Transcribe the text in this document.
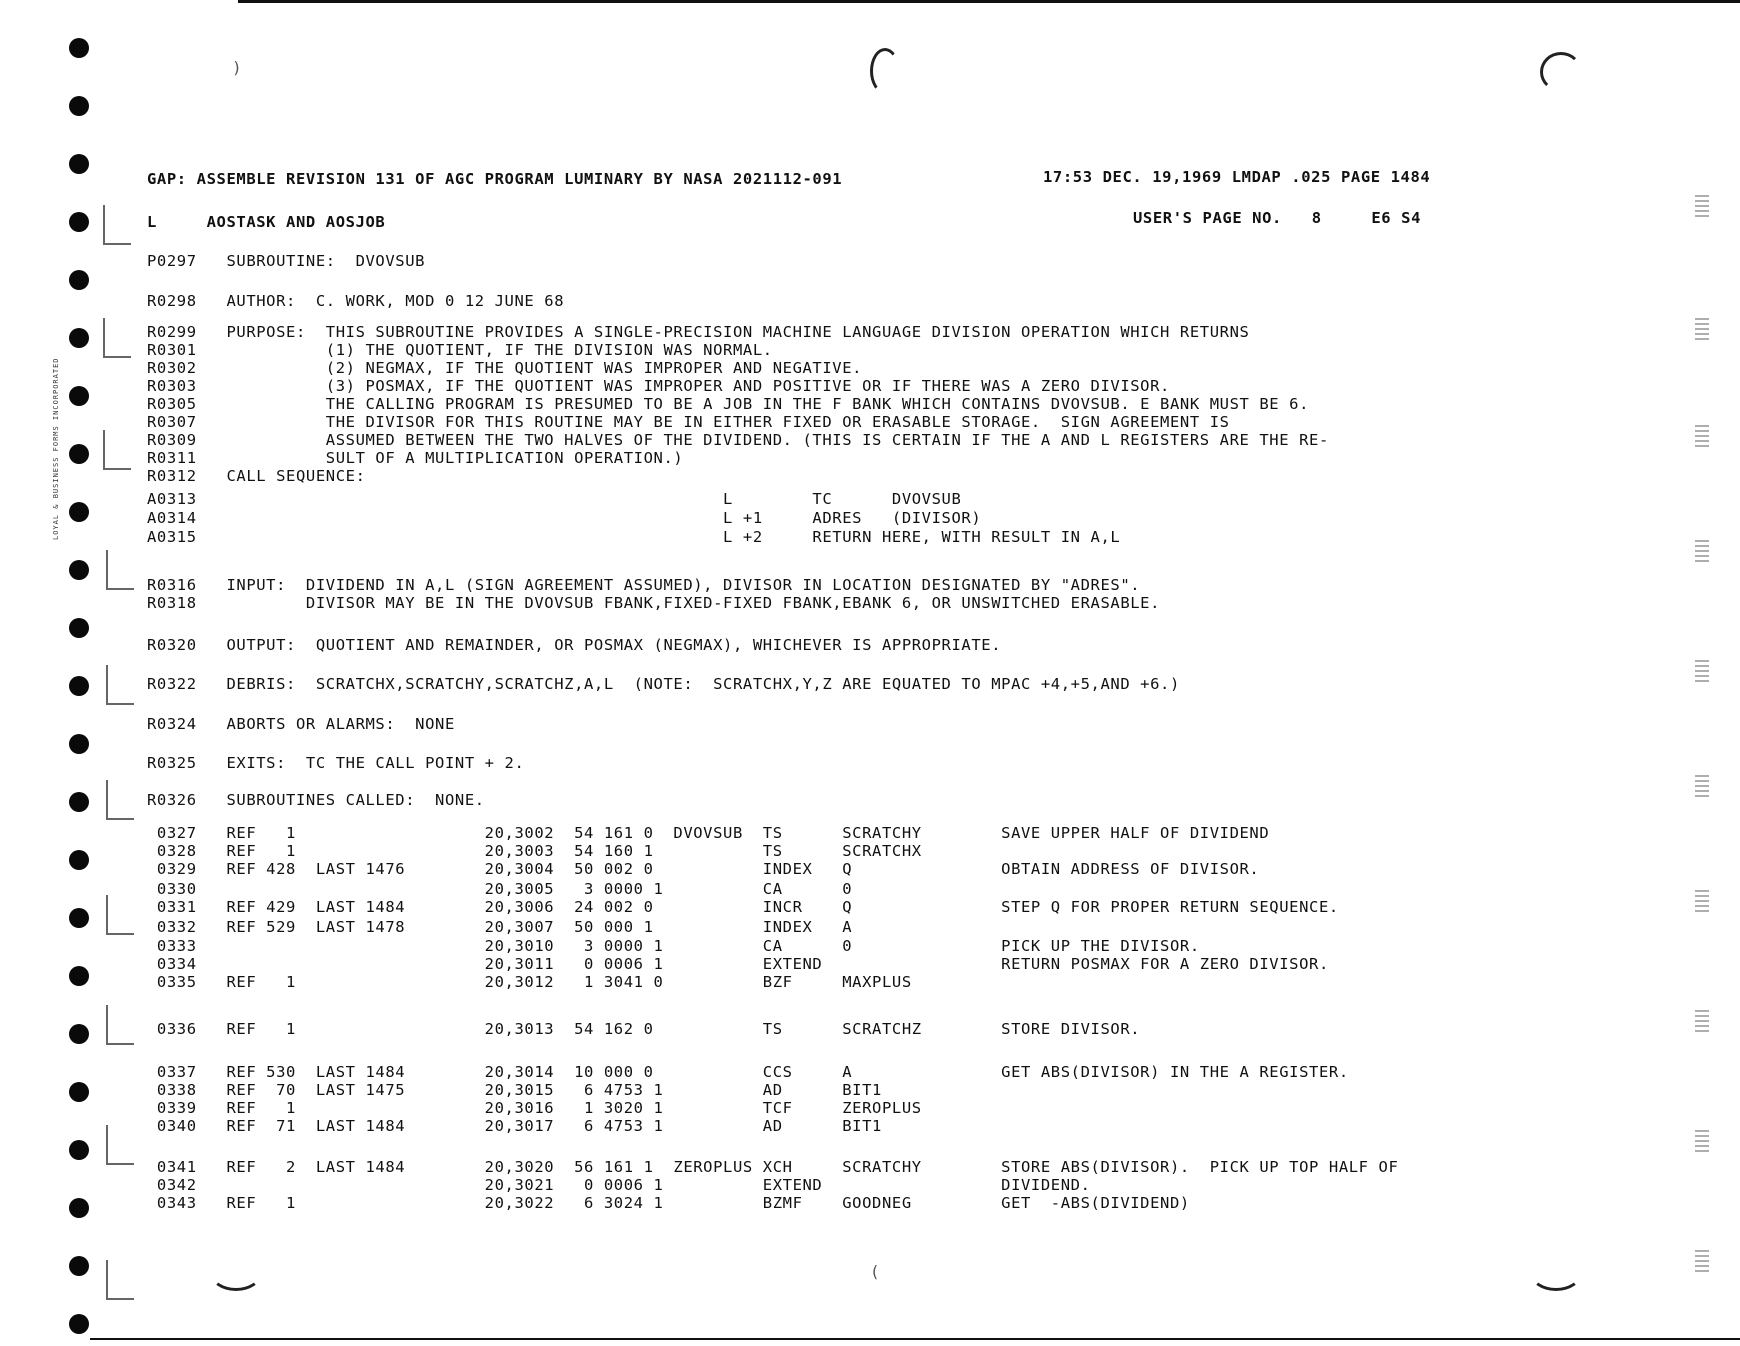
)
(
LOYAL & BUSINESS FORMS INCORPORATED
GAP: ASSEMBLE REVISION 131 OF AGC PROGRAM LUMINARY BY NASA 2021112-091	17:53 DEC. 19,1969 LMDAP .025 PAGE 1484
L     AOSTASK AND AOSJOB	USER'S PAGE NO.   8     E6 S4
P0297   SUBROUTINE:  DVOVSUB
R0298   AUTHOR:  C. WORK, MOD 0 12 JUNE 68
R0299   PURPOSE:  THIS SUBROUTINE PROVIDES A SINGLE-PRECISION MACHINE LANGUAGE DIVISION OPERATION WHICH RETURNS
R0301             (1) THE QUOTIENT, IF THE DIVISION WAS NORMAL.
R0302             (2) NEGMAX, IF THE QUOTIENT WAS IMPROPER AND NEGATIVE.
R0303             (3) POSMAX, IF THE QUOTIENT WAS IMPROPER AND POSITIVE OR IF THERE WAS A ZERO DIVISOR.
R0305             THE CALLING PROGRAM IS PRESUMED TO BE A JOB IN THE F BANK WHICH CONTAINS DVOVSUB. E BANK MUST BE 6.
R0307             THE DIVISOR FOR THIS ROUTINE MAY BE IN EITHER FIXED OR ERASABLE STORAGE.  SIGN AGREEMENT IS
R0309             ASSUMED BETWEEN THE TWO HALVES OF THE DIVIDEND. (THIS IS CERTAIN IF THE A AND L REGISTERS ARE THE RE-
R0311             SULT OF A MULTIPLICATION OPERATION.)
R0312   CALL SEQUENCE:
A0313                                                     L        TC      DVOVSUB
A0314                                                     L +1     ADRES   (DIVISOR)
A0315                                                     L +2     RETURN HERE, WITH RESULT IN A,L
R0316   INPUT:  DIVIDEND IN A,L (SIGN AGREEMENT ASSUMED), DIVISOR IN LOCATION DESIGNATED BY "ADRES".
R0318           DIVISOR MAY BE IN THE DVOVSUB FBANK,FIXED-FIXED FBANK,EBANK 6, OR UNSWITCHED ERASABLE.
R0320   OUTPUT:  QUOTIENT AND REMAINDER, OR POSMAX (NEGMAX), WHICHEVER IS APPROPRIATE.
R0322   DEBRIS:  SCRATCHX,SCRATCHY,SCRATCHZ,A,L  (NOTE:  SCRATCHX,Y,Z ARE EQUATED TO MPAC +4,+5,AND +6.)
R0324   ABORTS OR ALARMS:  NONE
R0325   EXITS:  TC THE CALL POINT + 2.
R0326   SUBROUTINES CALLED:  NONE.
0327   REF   1                   20,3002  54 161 0  DVOVSUB  TS      SCRATCHY        SAVE UPPER HALF OF DIVIDEND
0328   REF   1                   20,3003  54 160 1           TS      SCRATCHX
0329   REF 428  LAST 1476        20,3004  50 002 0           INDEX   Q               OBTAIN ADDRESS OF DIVISOR.
0330                             20,3005   3 0000 1          CA      0
0331   REF 429  LAST 1484        20,3006  24 002 0           INCR    Q               STEP Q FOR PROPER RETURN SEQUENCE.
0332   REF 529  LAST 1478        20,3007  50 000 1           INDEX   A
0333                             20,3010   3 0000 1          CA      0               PICK UP THE DIVISOR.
0334                             20,3011   0 0006 1          EXTEND                  RETURN POSMAX FOR A ZERO DIVISOR.
0335   REF   1                   20,3012   1 3041 0          BZF     MAXPLUS
0336   REF   1                   20,3013  54 162 0           TS      SCRATCHZ        STORE DIVISOR.
0337   REF 530  LAST 1484        20,3014  10 000 0           CCS     A               GET ABS(DIVISOR) IN THE A REGISTER.
0338   REF  70  LAST 1475        20,3015   6 4753 1          AD      BIT1
0339   REF   1                   20,3016   1 3020 1          TCF     ZEROPLUS
0340   REF  71  LAST 1484        20,3017   6 4753 1          AD      BIT1
0341   REF   2  LAST 1484        20,3020  56 161 1  ZEROPLUS XCH     SCRATCHY        STORE ABS(DIVISOR).  PICK UP TOP HALF OF
0342                             20,3021   0 0006 1          EXTEND                  DIVIDEND.
0343   REF   1                   20,3022   6 3024 1          BZMF    GOODNEG         GET  -ABS(DIVIDEND)
